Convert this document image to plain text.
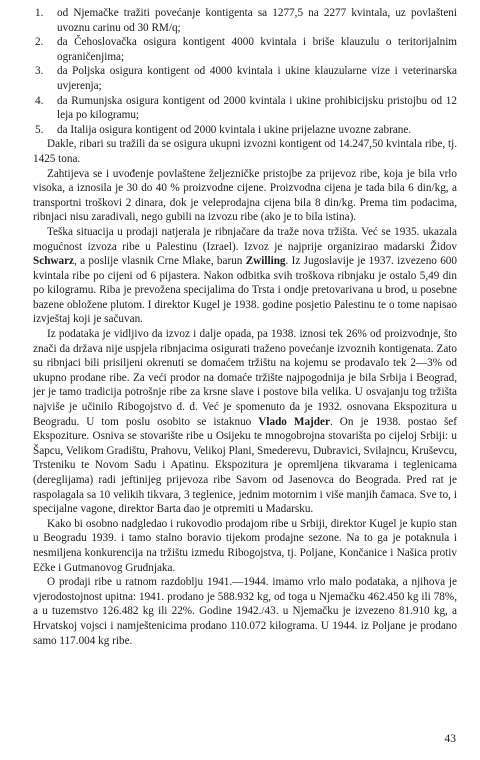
1.	od Njemačke tražiti povećanje kontigenta sa 1277,5 na 2277 kvintala, uz povlašteni uvoznu carinu od 30 RM/q;
2.	da Čehoslovačka osigura kontigent 4000 kvintala i briše klauzulu o teritorijalnim ograničenjima;
3.	da Poljska osigura kontigent od 4000 kvintala i ukine klauzularne vize i veterinarska uvjerenja;
4.	da Rumunjska osigura kontigent od 2000 kvintala i ukine prohibicijsku pristojbu od 12 leja po kilogramu;
5.	da Italija osigura kontigent od 2000 kvintala i ukine prijelazne uvozne zabrane.

Dakle, ribari su tražili da se osigura ukupni izvozni kontigent od 14.247,50 kvintala ribe, tj. 1425 tona.

Zahtijeva se i uvođenje povlaštene željezničke pristojbe za prijevoz ribe, koja je bila vrlo visoka, a iznosila je 30 do 40 % proizvodne cijene. Proizvodna cijena je tada bila 6 din/kg, a transportni troškovi 2 dinara, dok je veleprodajna cijena bila 8 din/kg. Prema tim podacima, ribnjaci nisu zaradivali, nego gubili na izvozu ribe (ako je to bila istina).

Teška situacija u prodaji natjerala je ribnjačare da traže nova tržišta. Već se 1935. ukazala mogućnost izvoza ribe u Palestinu (Izrael). Izvoz je najprije organizirao madarski Židov Schwarz, a poslije vlasnik Crne Mlake, barun Zwilling. Iz Jugoslavije je 1937. izvezeno 600 kvintala ribe po cijeni od 6 pijastera. Nakon odbitka svih troškova ribnjaku je ostalo 5,49 din po kilogramu. Riba je prevožena specijalima do Trsta i ondje pretovarivana u brod, u posebne bazene obložene plutom. I direktor Kugel je 1938. godine posjetio Palestinu te o tome napisao izvještaj koji je sačuvan.

Iz podataka je vidljivo da izvoz i dalje opada, pa 1938. iznosi tek 26% od proizvodnje, što znači da država nije uspjela ribnjacima osigurati traženo povećanje izvoznih kontigenata. Zato su ribnjaci bili prisiljeni okrenuti se domaćem tržištu na kojemu se prodavalo tek 2—3% od ukupno prodane ribe. Za veći prodor na domaće tržište najpogodnija je bila Srbija i Beograd, jer je tamo tradicija potrošnje ribe za krsne slave i postove bila velika. U osvajanju tog tržišta najviše je učinilo Ribogojstvo d. d. Već je spomenuto da je 1932. osnovana Ekspozitura u Beogradu. U tom poslu osobito se istaknuo Vlado Majder. On je 1938. postao šef Ekspoziture. Osniva se stovarište ribe u Osijeku te mnogobrojna stovarišta po cijeloj Srbiji: u Šapcu, Velikom Gradištu, Prahovu, Velikoj Plani, Smederevu, Dubravici, Svilajncu, Kruševcu, Trsteniku te Novom Sadu i Apatinu. Ekspozitura je opremljena tikvarama i teglenicama (dereglijama) radi jeftinijeg prijevoza ribe Savom od Jasenovca do Beograda. Pred rat je raspolagala sa 10 velikih tikvara, 3 teglenice, jednim motornim i više manjih čamaca. Sve to, i specijalne vagone, direktor Barta dao je otpremiti u Madarsku.

Kako bi osobno nadgledao i rukovodio prodajom ribe u Srbiji, direktor Kugel je kupio stan u Beogradu 1939. i tamo stalno boravio tijekom prodajne sezone. Na to ga je potaknula i nesmiljena konkurencija na tržištu izmedu Ribogojstva, tj. Poljane, Končanice i Našica protiv Ečke i Gutmanovog Grudnjaka.

O prodaji ribe u ratnom razdoblju 1941.—1944. imamo vrlo malo podataka, a njihova je vjerodostojnost upitna: 1941. prodano je 588.932 kg, od toga u Njemačku 462.450 kg ili 78%, a u tuzemstvo 126.482 kg ili 22%. Godine 1942./43. u Njemačku je izvezeno 81.910 kg, a Hrvatskoj vojsci i namještenicima prodano 110.072 kilograma. U 1944. iz Poljane je prodano samo 117.004 kg ribe.

43
